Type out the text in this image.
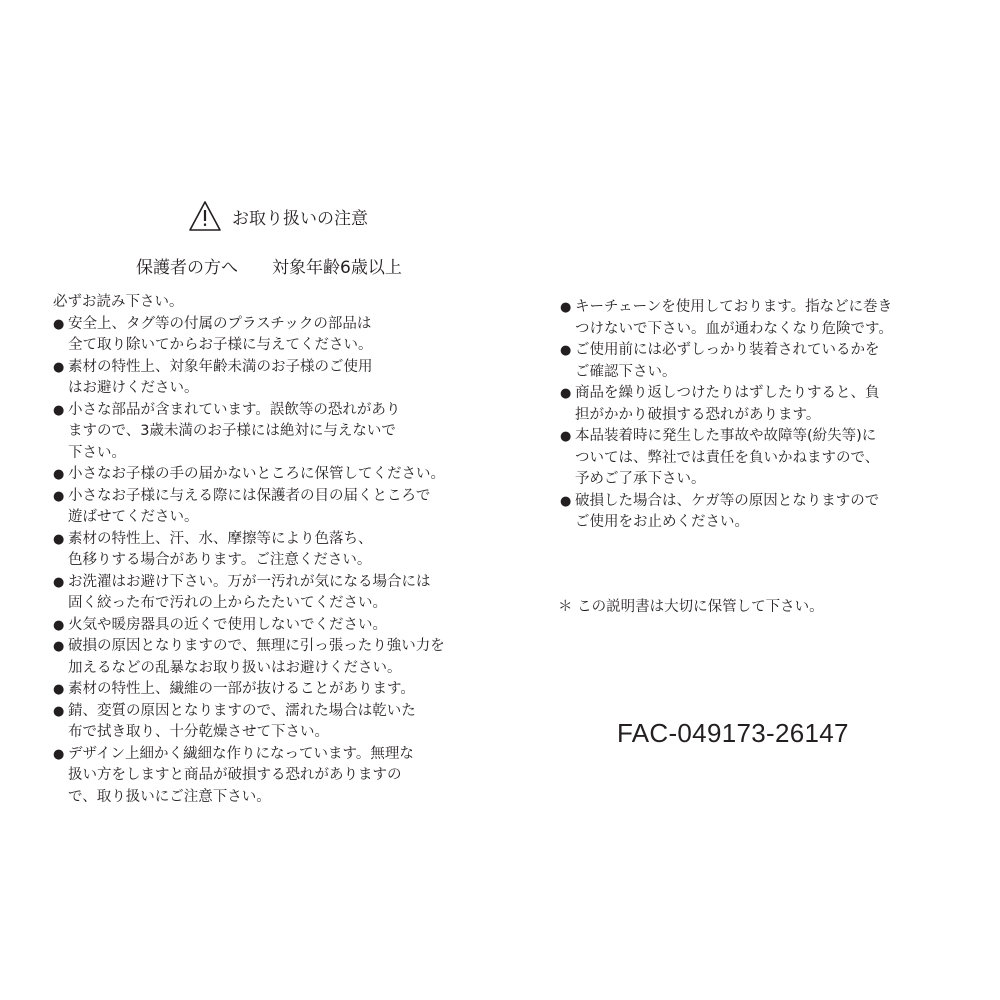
お取り扱いの注意
保護者の方へ　　対象年齢6歳以上
必ずお読み下さい。
● 安全上、タグ等の付属のプラスチックの部品は
全て取り除いてからお子様に与えてください。
● 素材の特性上、対象年齢未満のお子様のご使用
はお避けください。
● 小さな部品が含まれています。誤飲等の恐れがあり
ますので、3歳未満のお子様には絶対に与えないで
下さい。
● 小さなお子様の手の届かないところに保管してください。
● 小さなお子様に与える際には保護者の目の届くところで
遊ばせてください。
● 素材の特性上、汗、水、摩擦等により色落ち、
色移りする場合があります。ご注意ください。
● お洗濯はお避け下さい。万が一汚れが気になる場合には
固く絞った布で汚れの上からたたいてください。
● 火気や暖房器具の近くで使用しないでください。
● 破損の原因となりますので、無理に引っ張ったり強い力を
加えるなどの乱暴なお取り扱いはお避けください。
● 素材の特性上、繊維の一部が抜けることがあります。
● 錆、変質の原因となりますので、濡れた場合は乾いた
布で拭き取り、十分乾燥させて下さい。
● デザイン上細かく繊細な作りになっています。無理な
扱い方をしますと商品が破損する恐れがありますの
で、取り扱いにご注意下さい。
● キーチェーンを使用しております。指などに巻き
つけないで下さい。血が通わなくなり危険です。
● ご使用前には必ずしっかり装着されているかを
ご確認下さい。
● 商品を繰り返しつけたりはずしたりすると、負
担がかかり破損する恐れがあります。
● 本品装着時に発生した事故や故障等(紛失等)に
ついては、弊社では責任を負いかねますので、
予めご了承下さい。
● 破損した場合は、ケガ等の原因となりますので
ご使用をお止めください。
＊ この説明書は大切に保管して下さい。
FAC-049173-26147
